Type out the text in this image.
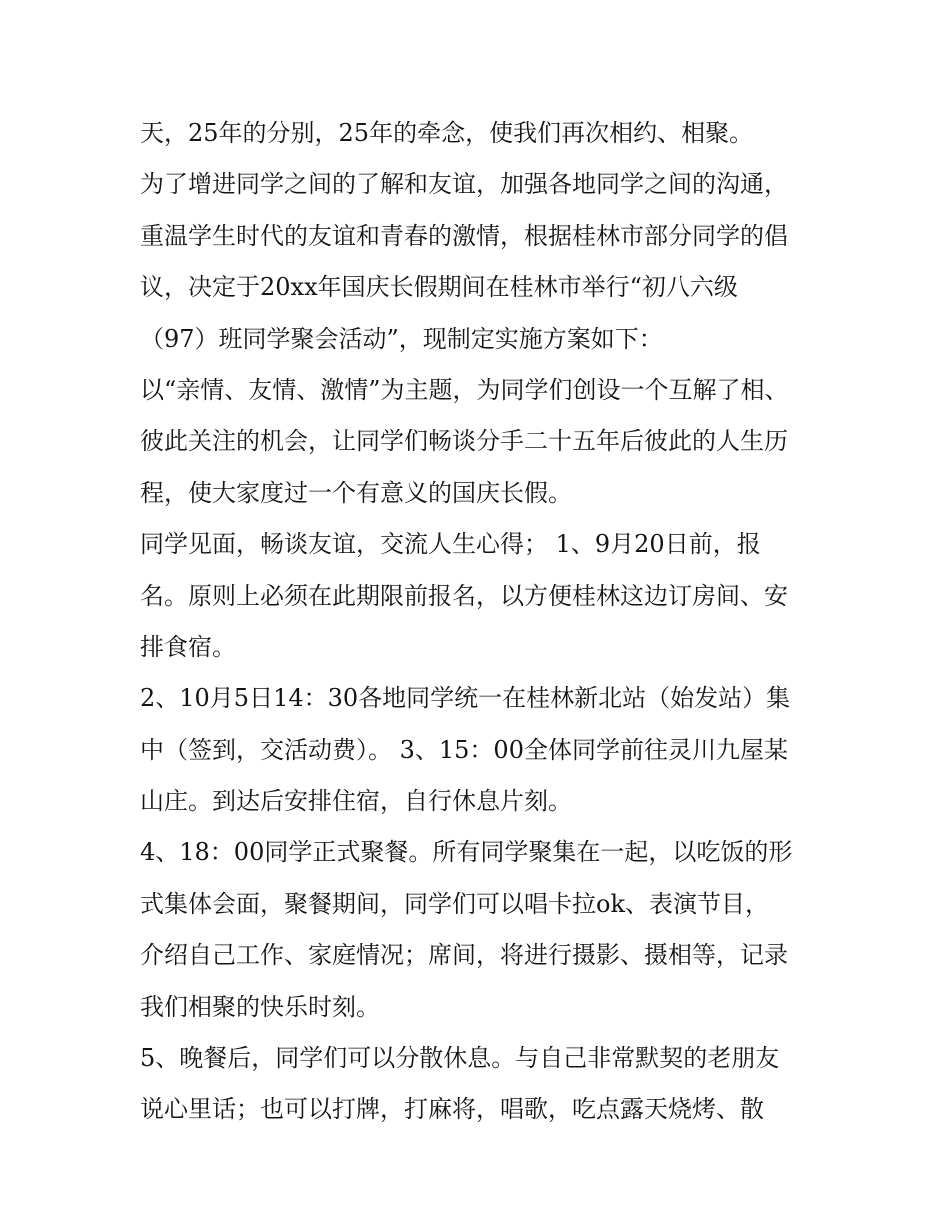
天，25年的分别，25年的牵念，使我们再次相约、相聚。
为了增进同学之间的了解和友谊，加强各地同学之间的沟通，
重温学生时代的友谊和青春的激情，根据桂林市部分同学的倡
议，决定于20xx年国庆长假期间在桂林市举行“初八六级
（97）班同学聚会活动”，现制定实施方案如下：
以“亲情、友情、激情”为主题，为同学们创设一个互解了相、
彼此关注的机会，让同学们畅谈分手二十五年后彼此的人生历
程，使大家度过一个有意义的国庆长假。
同学见面，畅谈友谊，交流人生心得； 1、9月20日前，报
名。原则上必须在此期限前报名，以方便桂林这边订房间、安
排食宿。
2、10月5日14：30各地同学统一在桂林新北站（始发站）集
中（签到，交活动费）。 3、15：00全体同学前往灵川九屋某
山庄。到达后安排住宿，自行休息片刻。
4、18：00同学正式聚餐。所有同学聚集在一起，以吃饭的形
式集体会面，聚餐期间，同学们可以唱卡拉ok、表演节目，
介绍自己工作、家庭情况；席间，将进行摄影、摄相等，记录
我们相聚的快乐时刻。
5、晚餐后，同学们可以分散休息。与自己非常默契的老朋友
说心里话；也可以打牌，打麻将，唱歌，吃点露天烧烤、散
